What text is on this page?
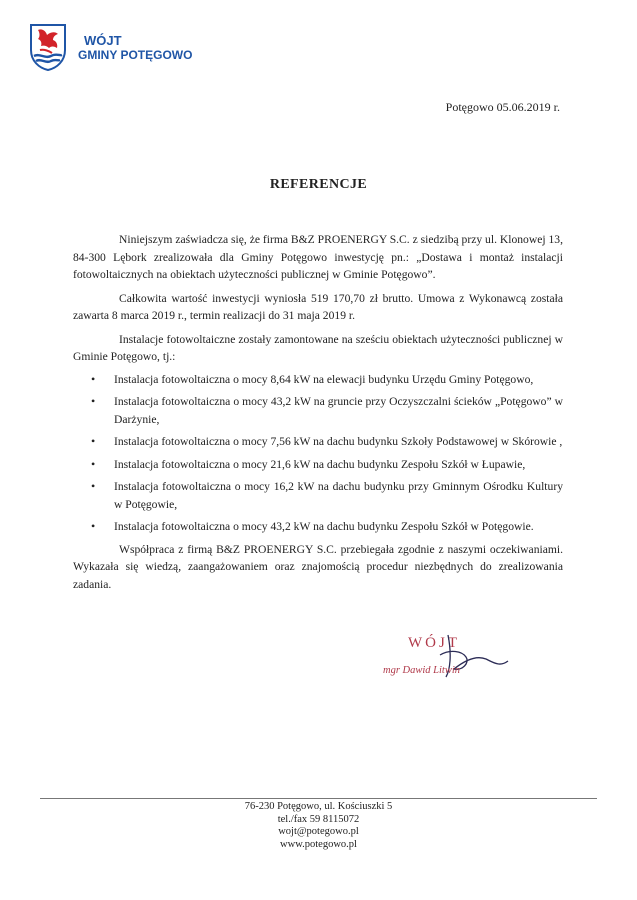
WÓJT
GMINY POTĘGOWO
Potęgowo 05.06.2019 r.
REFERENCJE

Niniejszym zaświadcza się, że firma B&Z PROENERGY S.C. z siedzibą przy ul. Klonowej 13, 84-300 Lębork zrealizowała dla Gminy Potęgowo inwestycję pn.: „Dostawa i montaż instalacji fotowoltaicznych na obiektach użyteczności publicznej w Gminie Potęgowo”.

Całkowita wartość inwestycji wyniosła 519 170,70 zł brutto. Umowa z Wykonawcą została zawarta 8 marca 2019 r., termin realizacji do 31 maja 2019 r.

Instalacje fotowoltaiczne zostały zamontowane na sześciu obiektach użyteczności publicznej w Gminie Potęgowo, tj.:

• Instalacja fotowoltaiczna o mocy 8,64 kW na elewacji budynku Urzędu Gminy Potęgowo,
• Instalacja fotowoltaiczna o mocy 43,2 kW na gruncie przy Oczyszczalni ścieków „Potęgowo” w Darżynie,
• Instalacja fotowoltaiczna o mocy 7,56 kW na dachu budynku Szkoły Podstawowej w Skórowie ,
• Instalacja fotowoltaiczna o mocy 21,6 kW na dachu budynku Zespołu Szkół w Łupawie,
• Instalacja fotowoltaiczna o mocy 16,2 kW na dachu budynku przy Gminnym Ośrodku Kultury w Potęgowie,
• Instalacja fotowoltaiczna o mocy 43,2 kW na dachu budynku Zespołu Szkół w Potęgowie.

Współpraca z firmą B&Z PROENERGY S.C. przebiegała zgodnie z naszymi oczekiwaniami. Wykazała się wiedzą, zaangażowaniem oraz znajomością procedur niezbędnych do zrealizowania zadania.

WÓJT
mgr Dawid Litwin
76-230 Potęgowo, ul. Kościuszki 5
tel./fax 59 8115072
wojt@potegowo.pl
www.potegowo.pl
